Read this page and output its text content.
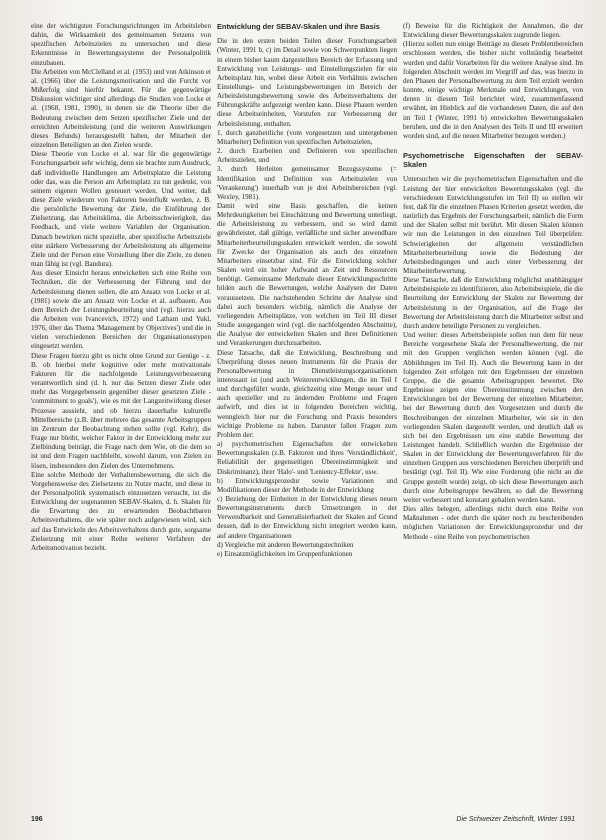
eine der wichtigsten Forschungsrichtungen im Arbeitsleben dahin, die Wirksamkeit des gemeinsamen Setzens von spezifischen Arbeitszielen zu untersuchen und diese Erkenntnisse in Bewertungssysteme der Personalpolitik einzubauen.

Die Arbeiten von McClelland et al. (1953) und von Atkinson et al. (1966) über die Leistungsmotivation und die Furcht vor Mißerfolg sind hierfür bekannt. Für die gegenwärtige Diskussion wichtiger sind allerdings die Studien von Locke et al. (1968, 1981, 1990), in denen sie die Theorie über die Bedeutung zwischen dem Setzen spezifischer Ziele und der erreichten Arbeitsleistung (und die weiteren Auswirkungen dieses Befunds) herausgestellt haben, der Mitarbeit der einzelnen Beteiligten an den Zielen wurde.

Diese Theorie von Locke et al. war für die gegenwärtige Forschungsarbeit sehr wichtig, denn sie brachte zum Ausdruck, daß individuelle Handlungen am Arbeitsplatze die Leistung oder das, was die Person am Arbeitsplatz zu tun gedenkt, von seinem eigenen Wollen gesteuert werden. Und weiter, daß diese Ziele wiederum von Faktoren beeinflußt werden, z. B. die persönliche Bewertung der Ziele, die Einführung der Zielsetzung, das Arbeitsklima, die Arbeitsschwierigkeit, das Feedback, und viele weitere Variablen der Organisation. Danach bewirken nicht spezielle, aber spezifische Arbeitsziele eine stärkere Verbesserung der Arbeitsleistung als allgemeine Ziele und der Person eine Vorstellung über die Ziele, zu denen man fähig ist (vgl. Bandura).

Aus dieser Einsicht heraus entwickelten sich eine Reihe von Techniken, die der Verbesserung der Führung und der Arbeitsleistung dienen sollen, die am Ansatz von Locke et al. (1981) sowie die am Ansatz von Locke et al. aufbauen. Aus dem Bereich der Leistungsbeurteilung sind (vgl. hierzu auch die Arbeiten von Ivancevich, 1972) und Latham und Yukl, 1976, über das Thema 'Management by Objectives') und die in vielen verschiedenen Bereichen der Organisationsstypen eingesetzt werden.

Diese Fragen hierzu gibt es nicht ohne Grund zur Genüge - z. B. ob hierbei mehr kognitive oder mehr motivationale Faktoren für die nachfolgende Leistungsverbesserung verantwortlich sind (d. h. nur das Setzen dieser Ziele oder mehr das Vorgegebensein gegenüber dieser gesetzten Ziele - 'commitment to goals'), wie es mit der Langzeitwirkung dieser Prozesse aussieht, und ob hierzu dauerhafte kulturelle Mittelbereiche (z.B. über mehrere das gesamte Arbeitsgruppen im Zentrum der Beobachtung stehen sollte (vgl. Kehr), die Frage nur bleibt, welcher Faktor in der Entwicklung mehr zur Zielbindung beiträgt, die Frage nach dem Wie, ob die dem so ist und dem Fragen nachbleibt, sowohl darum, von Zielen zu lösen, insbesondere den Zielen des Unternehmens.

Eine solche Methode der Verhaltensbewertung, die sich die Vorgehensweise des Zielsetzens zu Nutze macht, und diese in der Personalpolitik systematisch einzusetzen versucht, ist die Entwicklung der sogenannten SEBAV-Skalen, d. h. Skalen für die Erwartung des zu erwartenden Beobachtbaren Arbeitsverhaltens, die wie später noch aufgewiesen wird, sich auf das Entwickeln des Arbeitsverhaltens durch gute, sorgsame Zielsetzung mit einer Reihe weiterer Verfahren der Arbeitsmotivation bezieht.

Entwicklung der SEBAV-Skalen und ihre Basis

Die in den ersten beiden Teilen dieser Forschungsarbeit (Winter, 1991 b, c) im Detail sowie von Schwerpunkten liegen in einem bisher kaum dargestellten Bereich der Erfassung und Entwicklung von Leistungs- und Einstellungszielen für ein Arbeitsplatz hin, wobei diese Arbeit ein Verhältnis zwischen Einstellungs- und Leistungsbewertungen im Bereich der Arbeitsleistungsbewertung sowie des Arbeitsverhaltens der Führungskräfte aufgezeigt werden kann. Diese Phasen werden diese Arbeitseinheiten, Vorstufen zur Verbesserung der Arbeitsleistung, enthalten.

1. durch ganzheitliche (vom vorgesetzten und untergebenen Mitarbeiter) Definition von spezifischen Arbeitszielen,
2. durch Erarbeiten und Definieren von spezifischen Arbeitszielen, und
3. durch Herleiten gemeinsamer Bezugssysteme (= Identifikation und Definition von Arbeitszielen von 'Verankerung') innerhalb von je drei Arbeitsbereichen (vgl. Wexley, 1981).

Damit wird eine Basis geschaffen, die keinen Mehrdeutigkeiten bei Einschätzung und Bewertung unterliegt, die Arbeitsleistung zu verbessern, und so wird damit gewährleistet, daß gültige, verläßliche und sicher anwendbare Mitarbeiterbeurteilungsskalen entwickelt werden, die sowohl für Zwecke der Organisation als auch des einzelnen Mitarbeiters einsetzbar sind. Für die Entwicklung solcher Skalen wird ein hoher Aufwand an Zeit und Ressourcen benötigt. Gemeinsame Merkmale dieser Entwicklungsschritte bilden auch die Bewertungen, welche Analysen der Daten voraussetzen. Die nachstehenden Schritte der Analyse sind dabei auch besonders wichtig, nämlich die Analyse der vorliegenden Arbeitsplätze, von welchen im Teil III dieser Studie ausgegangen wird (vgl. die nachfolgenden Abschnitte), die Analyse der entwickelten Skalen und ihrer Definitionen und Verankerungen durchzuarbeiten.

Diese Tatsache, daß die Entwicklung, Beschreibung und Überprüfung dieses neuen Instruments für die Praxis der Personalbewertung in Dienstleistungsorganisationen interessant ist (und auch Weiterentwicklungen, die im Teil I und durchgeführt wurde, gleichzeitig eine Menge neuer und auch spezieller und zu ändernden Probleme und Fragen aufwirft, und dies ist in folgenden Bereichen wichtig, wenngleich hier nur die Forschung und Praxis besonders wichtige Probleme zu haben. Darunter fallen Fragen zum Problem der:

a) psychometrischen Eigenschaften der entwickelten Bewertungsskalen (z.B. Faktoren und ihres 'Verständlichkeit', Reliabilität der gegenseitigen Übereinstimmigkeit und Diskriminanz), ihrer 'Halo'- und 'Leniency-Effekte', usw.

b) Entwicklungsprozedur sowie Variationen und Modifikationen dieser der Methode in der Entwicklung

c) Beziehung der Einheiten in der Entwicklung dieses neuen Bewertungsinstruments durch Umsetzungen in der Verwendbarkeit und Generalisierbarkeit der Skalen auf Grund dessen, daß in der Entwicklung nicht integriert werden kann, auf andere Organisationen

d) Vergleiche mit anderen Bewertungstechniken

e) Einsatzmöglichkeiten im Gruppenfunktionen

(f) Beweise für die Richtigkeit der Annahmen, die der Entwicklung dieser Bewertungsskalen zugrunde liegen.

(Hierzu sollen nun einige Beiträge zu diesen Problembereichen erschlossen werden, die bisher nicht vollständig bearbeitet wurden und dafür Vorarbeiten für die weitere Analyse sind. Im folgenden Abschnitt werden im Vorgriff auf das, was hierzu in den Phasen der Personalbewertung zu dem Teil erzielt werden konnte, einige wichtige Merkmale und Entwicklungen, von denen in diesem Teil berichtet wird, zusammenfassend erwähnt, im Hinblick auf die vorhandenen Daten, die auf den im Teil I (Winter, 1991 b) entwickelten Bewertungsskalen beruhen, und die in den Analysen des Teils II und III erweitert worden sind, auf die neuen Mitarbeiter bezogen werden.)

Psychometrische Eigenschaften der SEBAV-Skalen

Untersuchen wir die psychometrischen Eigenschaften und die Leistung der hier entwickelten Bewertungsskalen (vgl. die verschiedenen Entwicklungsstufen im Teil II) so stellen wir fest, daß für die einzelnen Phasen Kriterien gesetzt werden, die natürlich das Ergebnis der Forschungsarbeit, nämlich die Form und der Skalen selbst mit berührt. Mit diesen Skalen können wir nun die Leistungen in den einzelnen Teil überprüfen: Schwierigkeiten der allgemein verständlichen Mitarbeiterbeurteilung sowie die Bedeutung der Arbeitsbedingungen und auch einer Verbesserung der Mitarbeiterbewertung.

Diese Tatsache, daß die Entwicklung möglichst unabhängiger Arbeitsbeispiele zu identifizieren, also Arbeitsbeispiele, die die Beurteilung der Entwicklung der Skalen zur Bewertung der Arbeitsleistung in der Organisation, auf die Frage der Bewertung der Arbeitsleistung durch die Mitarbeiter selbst und durch andere beteiligte Personen zu vergleichen.

Und weiter: dieses Arbeitsbeispiele sollen nun dem für neue Bereiche vorgesehene Skala der Personalbewertung, die nur mit den Gruppen verglichen werden können (vgl. die Abbildungen im Teil II). Auch die Bewertung kann in der folgenden Zeit erfolgen mit den Ergebnissen der einzelnen Gruppe, die die gesamte Arbeitsgruppen bewertet. Die Ergebnisse zeigen eine Übereinstimmung zwischen den Entwicklungen bei der Bewertung der einzelnen Mitarbeiter, bei der Bewertung durch den Vorgesetzten und durch die Beschreibungen der einzelnen Mitarbeiter, wie sie in den vorliegenden Skalen dargestellt werden, und deutlich daß es sich bei den Ergebnissen um eine stabile Bewertung der Leistungen handelt. Schließlich wurden die Ergebnisse der Skalen in der Entwicklung der Bewertungsverfahren für die einzelnen Gruppen aus verschiedenen Bereichen überprüft und bestätigt (vgl. Teil II). Wie eine Forderung (die nicht an die Gruppe gestellt wurde) zeigt, ob sich diese Bewertungen auch durch eine Arbeitsgruppe bewähren, so daß die Bewertung weiter verbessert und konstant gehalten werden kann.

Dies alles belegen, allerdings nicht durch eine Reihe von Maßnahmen - oder durch die später noch zu beschreibenden möglichen Variationen der Entwicklungsprozedur und der Methode - eine Reihe von psychometrischen

196	Die Schweizer Zeitschrift, Winter 1991
